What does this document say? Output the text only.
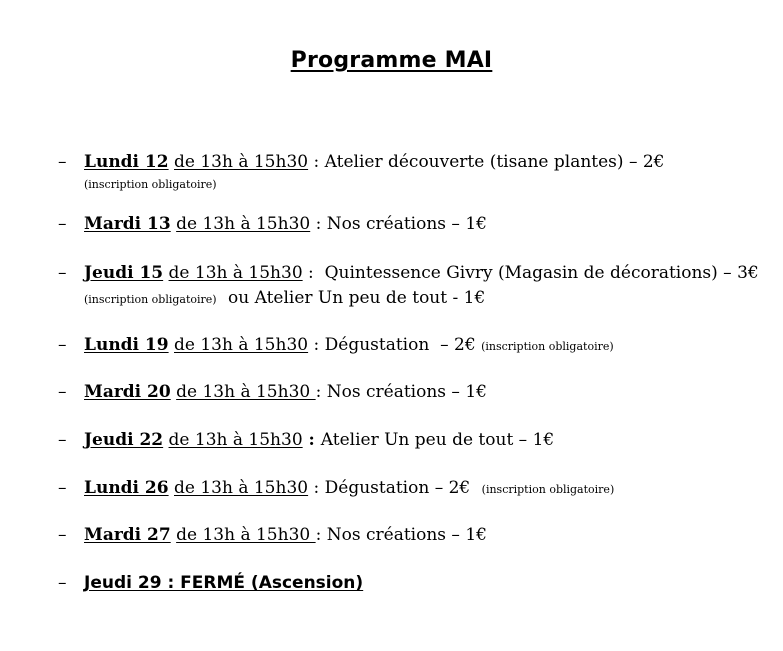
Programme MAI
– Lundi 12 de 13h à 15h30 : Atelier découverte (tisane plantes) – 2€
(inscription obligatoire)
– Mardi 13 de 13h à 15h30 : Nos créations – 1€
– Jeudi 15 de 13h à 15h30 :  Quintessence Givry (Magasin de décorations) – 3€
(inscription obligatoire) ou Atelier Un peu de tout - 1€
– Lundi 19 de 13h à 15h30 : Dégustation  – 2€ (inscription obligatoire)
– Mardi 20 de 13h à 15h30 : Nos créations – 1€
– Jeudi 22 de 13h à 15h30 : Atelier Un peu de tout – 1€
– Lundi 26 de 13h à 15h30 : Dégustation – 2€ (inscription obligatoire)
– Mardi 27 de 13h à 15h30 : Nos créations – 1€
– Jeudi 29 : FERMÉ (Ascension)
